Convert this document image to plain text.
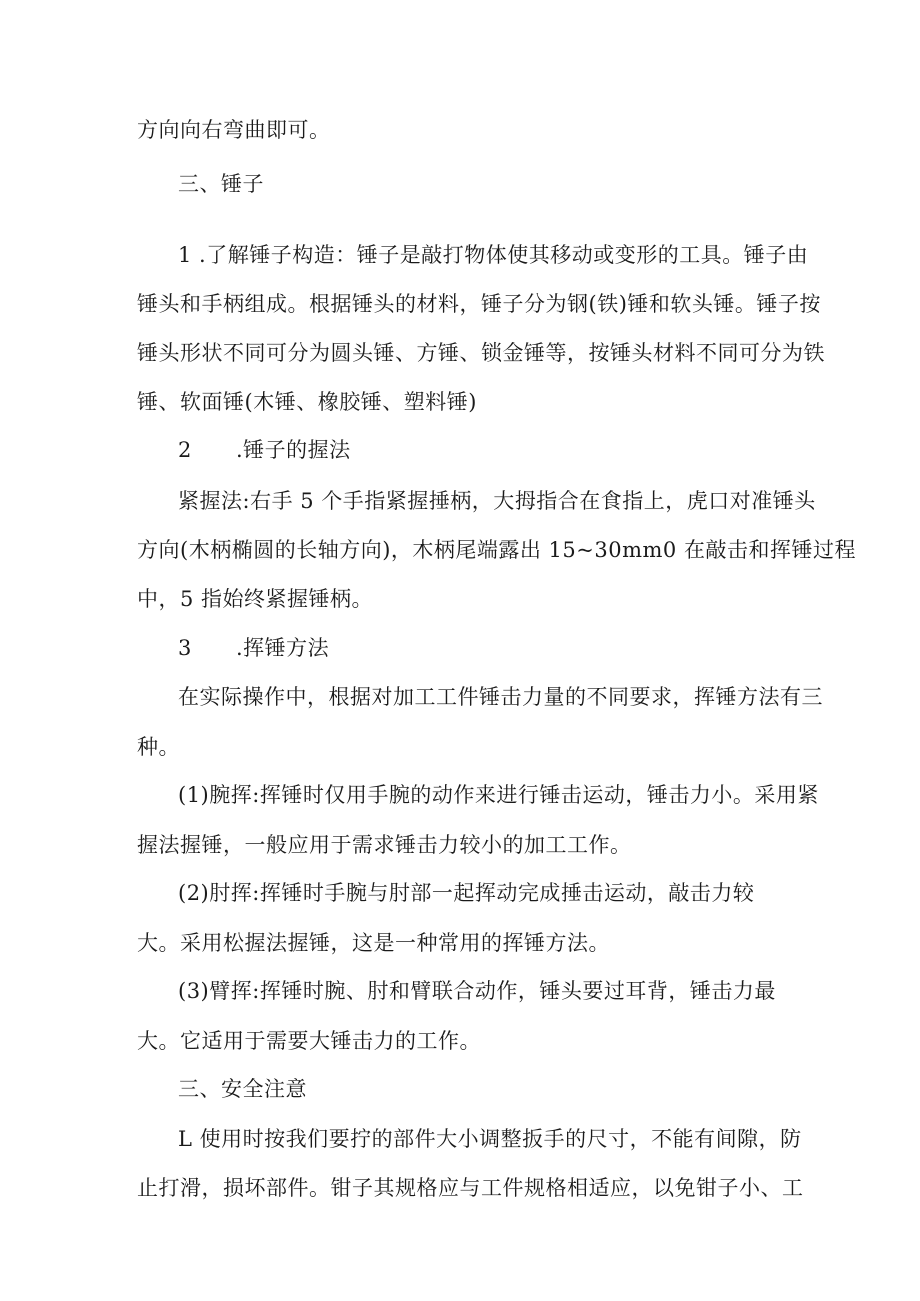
方向向右弯曲即可。
三、锤子
1 .了解锤子构造：锤子是敲打物体使其移动或变形的工具。锤子由
锤头和手柄组成。根据锤头的材料，锤子分为钢(铁)锤和软头锤。锤子按
锤头形状不同可分为圆头锤、方锤、锁金锤等，按锤头材料不同可分为铁
锤、软面锤(木锤、橡胶锤、塑料锤)
2 .锤子的握法
紧握法:右手 5 个手指紧握捶柄，大拇指合在食指上，虎口对准锤头
方向(木柄椭圆的长轴方向)，木柄尾端露出 15~30mm0 在敲击和挥锤过程
中，5 指始终紧握锤柄。
3 .挥锤方法
在实际操作中，根据对加工工件锤击力量的不同要求，挥锤方法有三
种。
(1)腕挥:挥锤时仅用手腕的动作来进行锤击运动，锤击力小。采用紧
握法握锤，一般应用于需求锤击力较小的加工工作。
(2)肘挥:挥锤时手腕与肘部一起挥动完成捶击运动，敲击力较
大。采用松握法握锤，这是一种常用的挥锤方法。
(3)臂挥:挥锤时腕、肘和臂联合动作，锤头要过耳背，锤击力最
大。它适用于需要大锤击力的工作。
三、安全注意
L 使用时按我们要拧的部件大小调整扳手的尺寸，不能有间隙，防
止打滑，损坏部件。钳子其规格应与工件规格相适应，以免钳子小、工
